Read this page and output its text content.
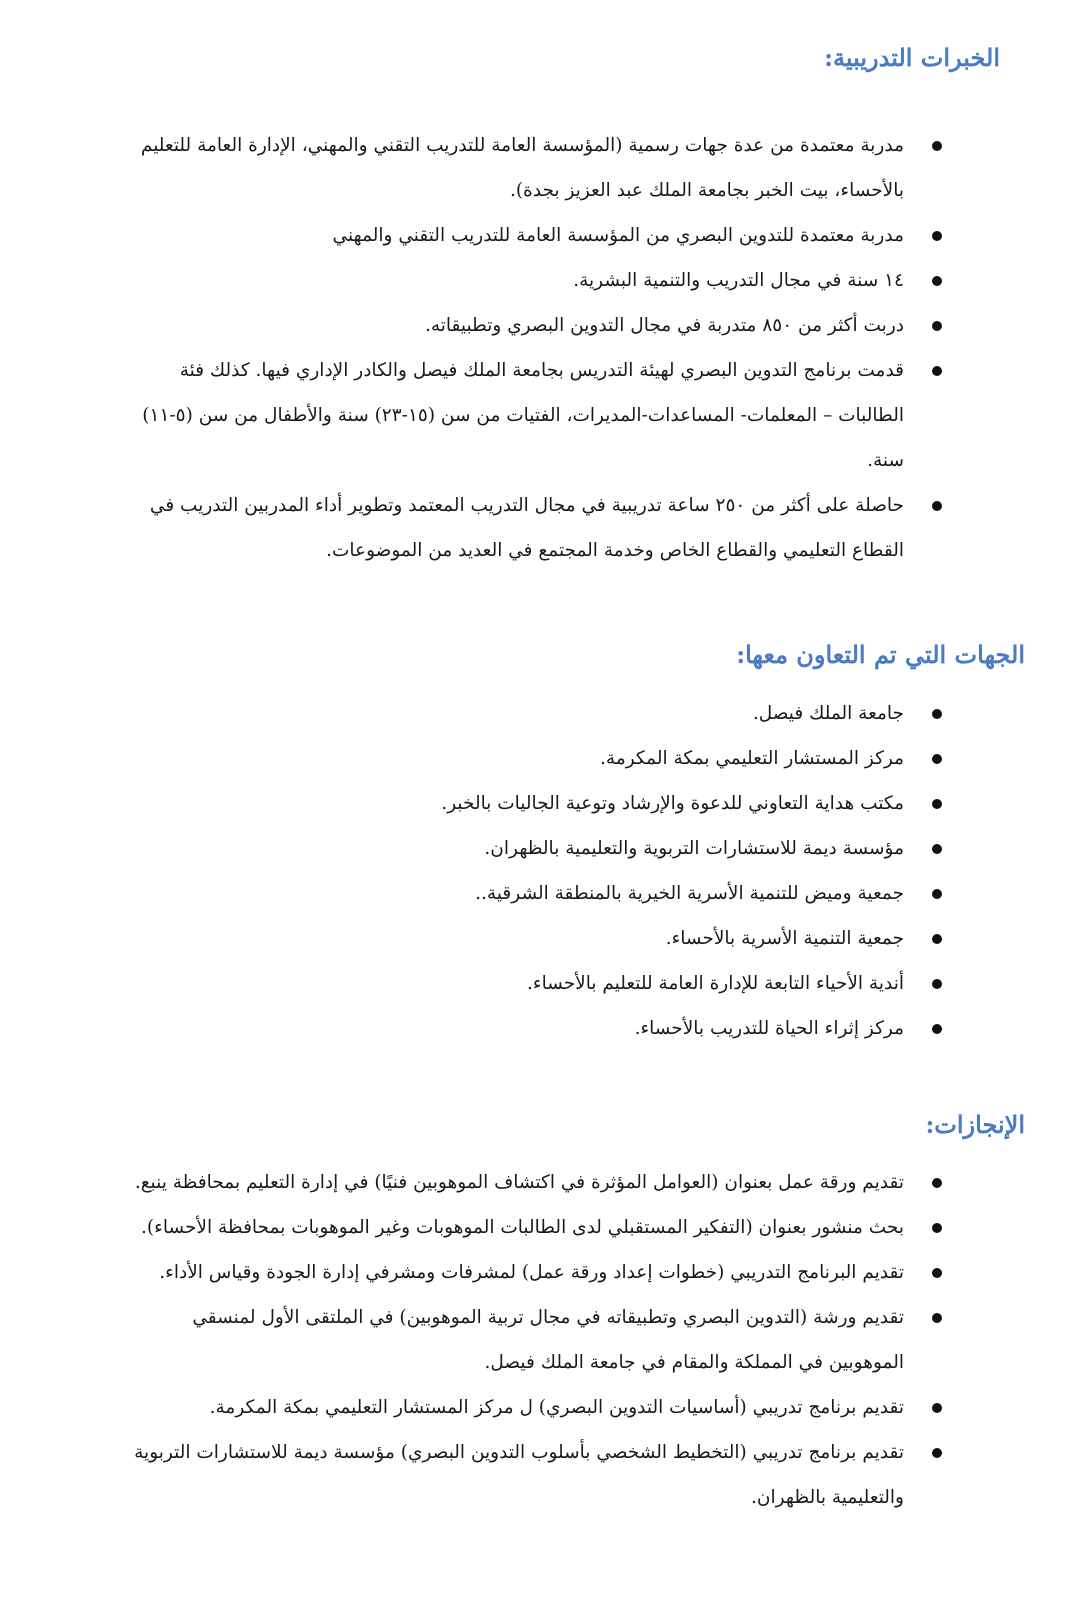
الخبرات التدريبية:
مدربة معتمدة من عدة جهات رسمية (المؤسسة العامة للتدريب التقني والمهني، الإدارة العامة للتعليم بالأحساء، بيت الخبر بجامعة الملك عبد العزيز بجدة).
مدربة معتمدة للتدوين البصري من المؤسسة العامة للتدريب التقني والمهني
١٤ سنة في مجال التدريب والتنمية البشرية.
دربت أكثر من ٨٥٠ متدربة في مجال التدوين البصري وتطبيقاته.
قدمت برنامج التدوين البصري لهيئة التدريس بجامعة الملك فيصل والكادر الإداري فيها. كذلك فئة الطالبات – المعلمات- المساعدات-المديرات، الفتيات من سن (١٥-٢٣) سنة والأطفال من سن (٥-١١) سنة.
حاصلة على أكثر من ٢٥٠ ساعة تدريبية في مجال التدريب المعتمد وتطوير أداء المدربين التدريب في القطاع التعليمي والقطاع الخاص وخدمة المجتمع في العديد من الموضوعات.
الجهات التي تم التعاون معها:
جامعة الملك فيصل.
مركز المستشار التعليمي بمكة المكرمة.
مكتب هداية التعاوني للدعوة والإرشاد وتوعية الجاليات بالخبر.
مؤسسة ديمة للاستشارات التربوية والتعليمية بالظهران.
جمعية وميض للتنمية الأسرية الخيرية بالمنطقة الشرقية..
جمعية التنمية الأسرية بالأحساء.
أندية الأحياء التابعة للإدارة العامة للتعليم بالأحساء.
مركز إثراء الحياة للتدريب بالأحساء.
الإنجازات:
تقديم ورقة عمل بعنوان (العوامل المؤثرة في اكتشاف الموهوبين فنيًا) في إدارة التعليم بمحافظة ينبع.
بحث منشور بعنوان (التفكير المستقبلي لدى الطالبات الموهوبات وغير الموهوبات بمحافظة الأحساء).
تقديم البرنامج التدريبي (خطوات إعداد ورقة عمل) لمشرفات ومشرفي إدارة الجودة وقياس الأداء.
تقديم ورشة (التدوين البصري وتطبيقاته في مجال تربية الموهوبين) في الملتقى الأول لمنسقي الموهوبين في المملكة والمقام في جامعة الملك فيصل.
تقديم برنامج تدريبي (أساسيات التدوين البصري) ل مركز المستشار التعليمي بمكة المكرمة.
تقديم برنامج تدريبي (التخطيط الشخصي بأسلوب التدوين البصري) مؤسسة ديمة للاستشارات التربوية والتعليمية بالظهران.
